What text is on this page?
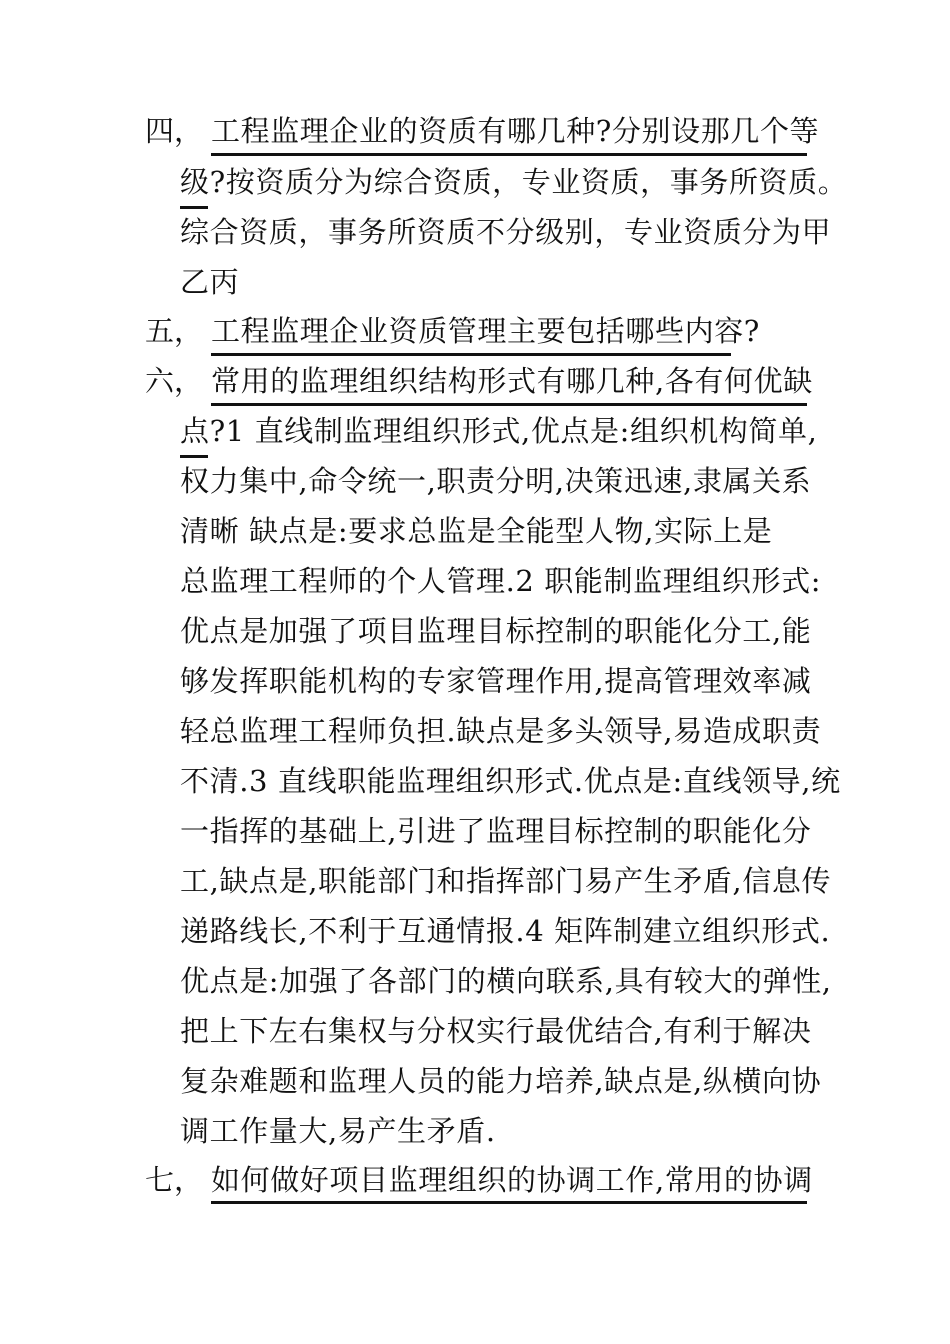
四， 工程监理企业的资质有哪几种?分别设那几个等
级?按资质分为综合资质，专业资质，事务所资质。
综合资质，事务所资质不分级别，专业资质分为甲
乙丙
五， 工程监理企业资质管理主要包括哪些内容?
六， 常用的监理组织结构形式有哪几种,各有何优缺
点?1 直线制监理组织形式,优点是:组织机构简单,
权力集中,命令统一,职责分明,决策迅速,隶属关系
清晰 缺点是:要求总监是全能型人物,实际上是
总监理工程师的个人管理.2 职能制监理组织形式:
优点是加强了项目监理目标控制的职能化分工,能
够发挥职能机构的专家管理作用,提高管理效率减
轻总监理工程师负担.缺点是多头领导,易造成职责
不清.3 直线职能监理组织形式.优点是:直线领导,统
一指挥的基础上,引进了监理目标控制的职能化分
工,缺点是,职能部门和指挥部门易产生矛盾,信息传
递路线长,不利于互通情报.4 矩阵制建立组织形式.
优点是:加强了各部门的横向联系,具有较大的弹性,
把上下左右集权与分权实行最优结合,有利于解决
复杂难题和监理人员的能力培养,缺点是,纵横向协
调工作量大,易产生矛盾.
七， 如何做好项目监理组织的协调工作,常用的协调
